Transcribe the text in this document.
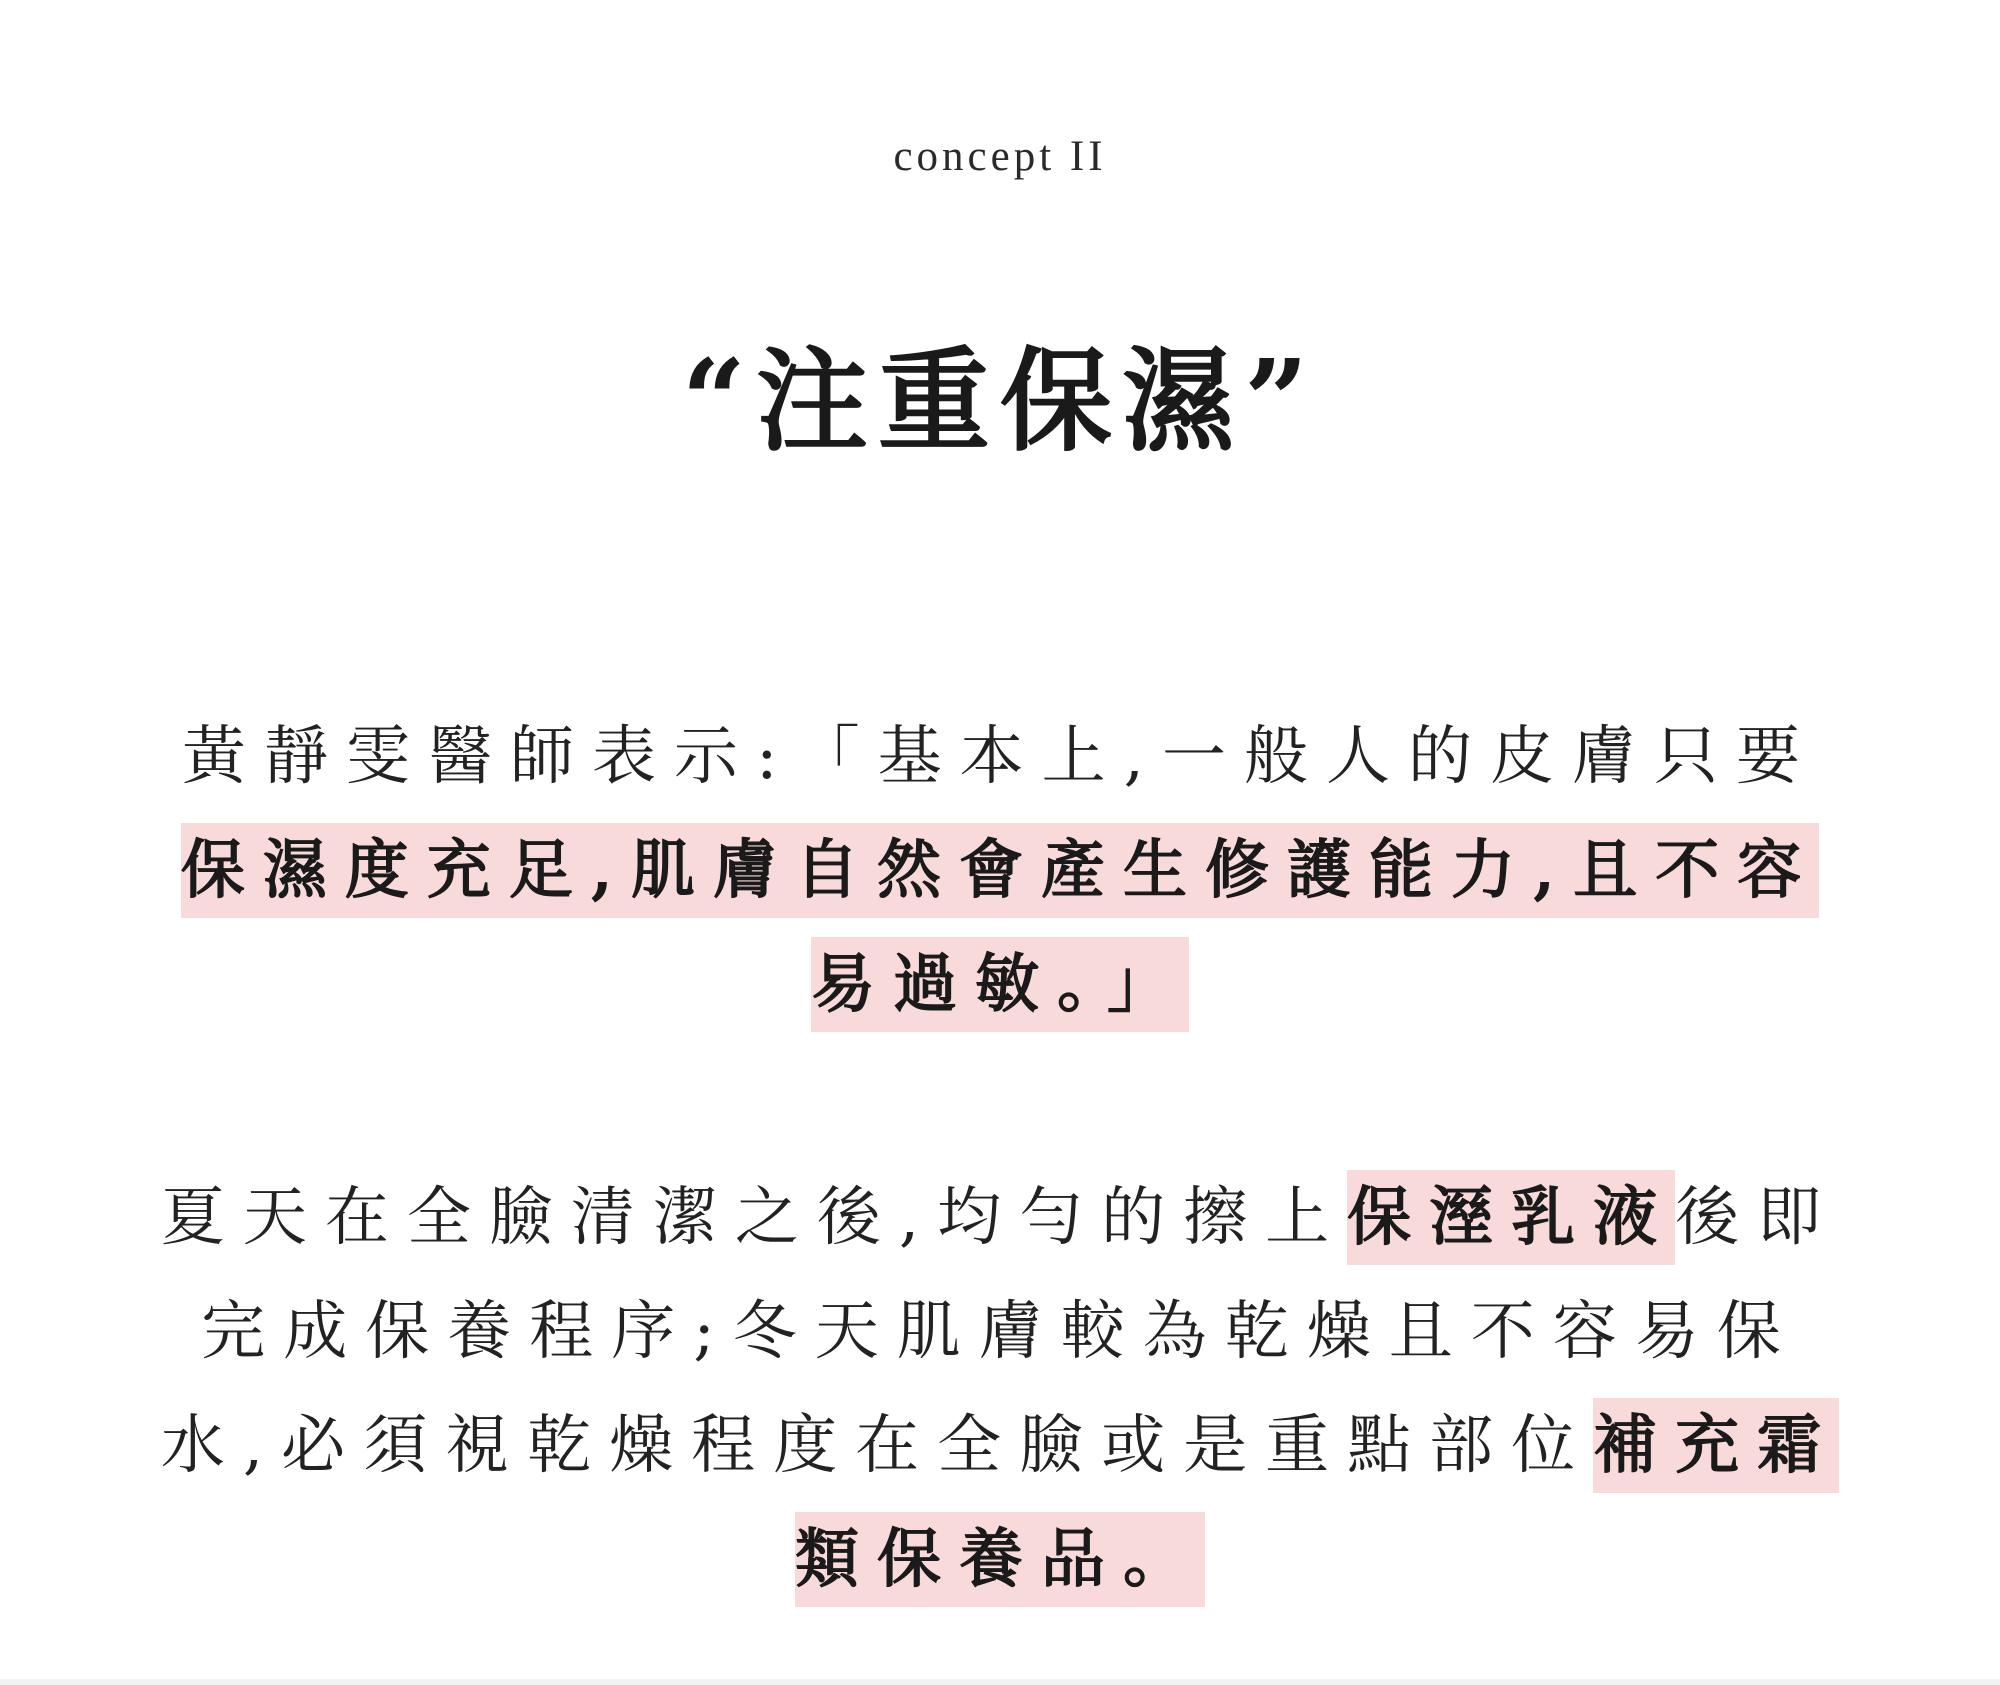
concept II
“注重保濕”

黃靜雯醫師表示:「基本上,一般人的皮膚只要保濕度充足,肌膚自然會產生修護能力,且不容易過敏。」

夏天在全臉清潔之後,均勻的擦上保溼乳液後即完成保養程序;冬天肌膚較為乾燥且不容易保水,必須視乾燥程度在全臉或是重點部位補充霜類保養品。
